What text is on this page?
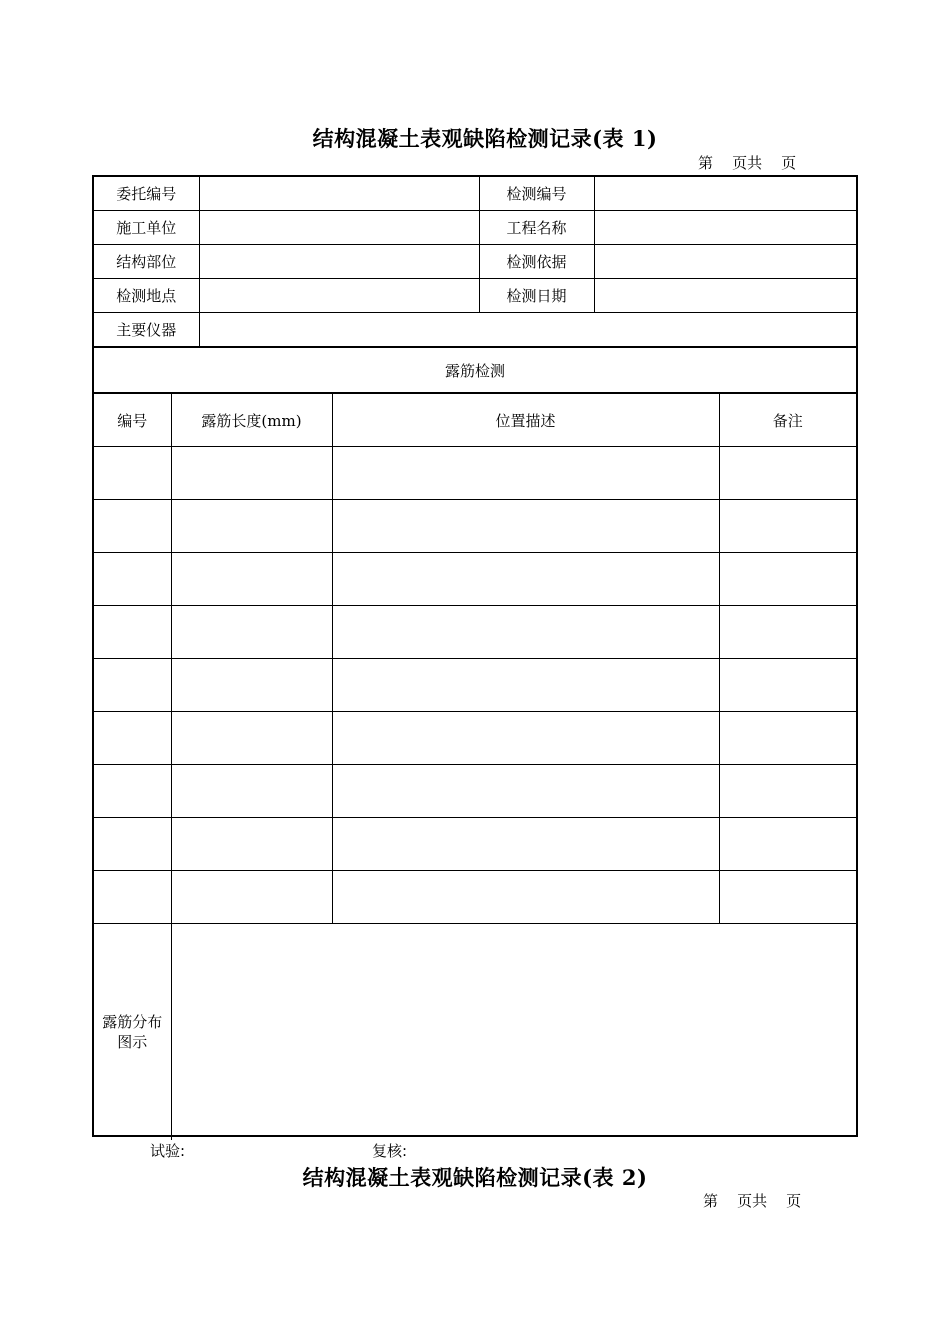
结构混凝土表观缺陷检测记录(表 1)
第    页共    页
委托编号		检测编号	
施工单位		工程名称	
结构部位		检测依据	
检测地点		检测日期	
主要仪器			
露筋检测
编号	露筋长度(mm)	位置描述	备注

露筋分布
图示			
试验:	复核:
结构混凝土表观缺陷检测记录(表 2)
第    页共    页
